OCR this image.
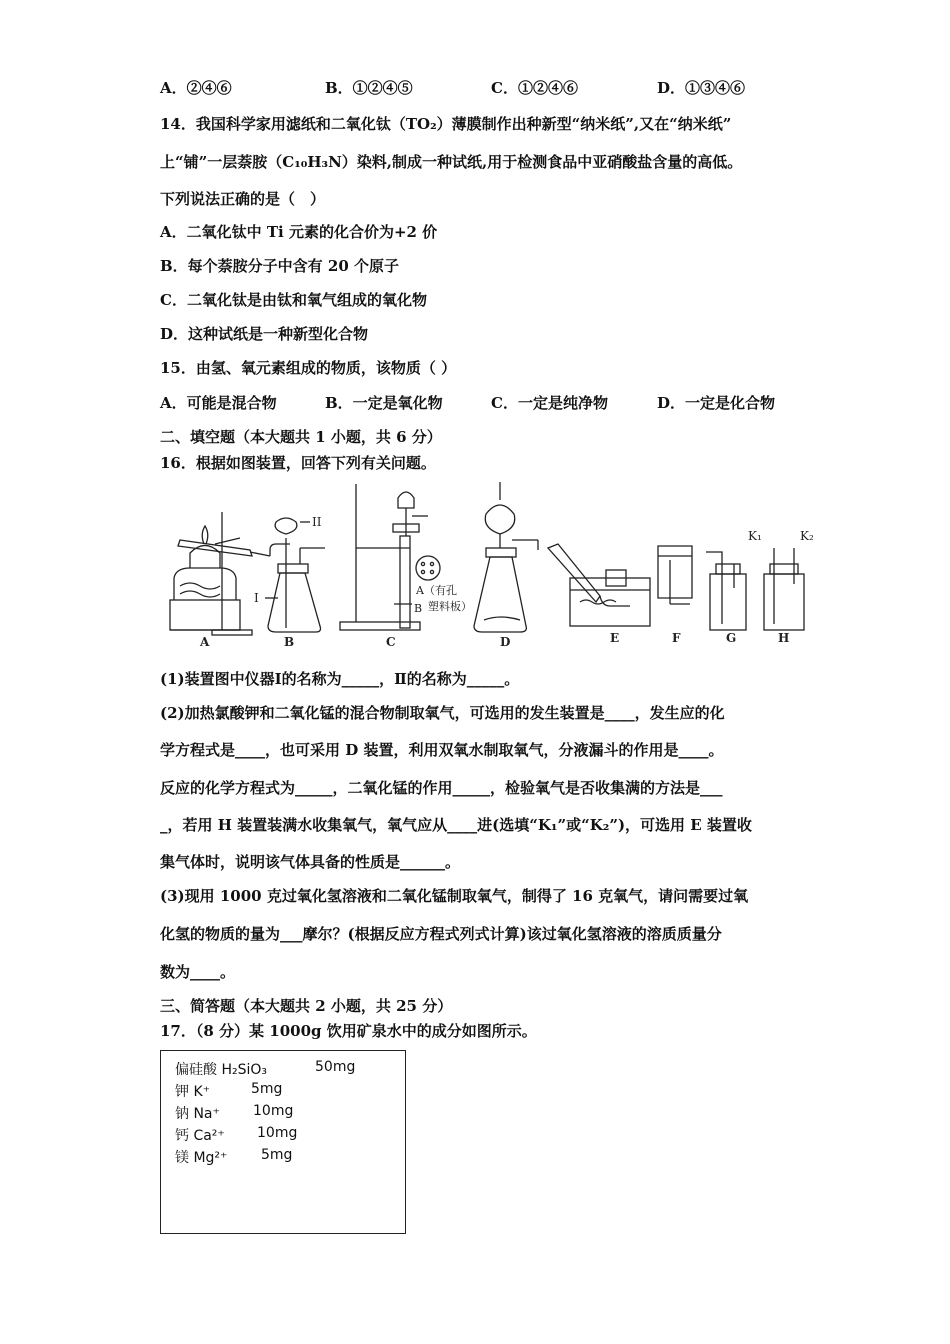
A．②④⑥	B．①②④⑤	C．①②④⑥	D．①③④⑥
14．我国科学家用滤纸和二氧化钛（TO₂）薄膜制作出种新型“纳米纸”,又在“纳米纸”
上“铺”一层萘胺（C₁₀H₃N）染料,制成一种试纸,用于检测食品中亚硝酸盐含量的高低。
下列说法正确的是（　）
A．二氧化钛中 Ti 元素的化合价为+2 价
B．每个萘胺分子中含有 20 个原子
C．二氧化钛是由钛和氧气组成的氧化物
D．这种试纸是一种新型化合物
15．由氢、氧元素组成的物质，该物质（ ）
A．可能是混合物	B．一定是氧化物	C．一定是纯净物	D．一定是化合物
二、填空题（本大题共 1 小题，共 6 分）
16．根据如图装置，回答下列有关问题。
A	B	C	D	E	F	G	H
I
II
K₁	K₂
A（有孔
塑料板）
B
(1)装置图中仪器Ⅰ的名称为_____，Ⅱ的名称为_____。
(2)加热氯酸钾和二氧化锰的混合物制取氧气，可选用的发生装置是____，发生应的化
学方程式是____，也可采用 D 装置，利用双氧水制取氧气，分液漏斗的作用是____。
反应的化学方程式为_____，二氧化锰的作用_____，检验氧气是否收集满的方法是___
_，若用 H 装置装满水收集氧气，氧气应从____进(选填“K₁”或“K₂”)，可选用 E 装置收
集气体时，说明该气体具备的性质是______。
(3)现用 1000 克过氧化氢溶液和二氧化锰制取氧气，制得了 16 克氧气，请问需要过氧
化氢的物质的量为___摩尔？(根据反应方程式列式计算)该过氧化氢溶液的溶质质量分
数为____。
三、简答题（本大题共 2 小题，共 25 分）
17．（8 分）某 1000g 饮用矿泉水中的成分如图所示。
偏硅酸 H₂SiO₃	50mg
钾 K⁺	5mg
钠 Na⁺ 10mg
钙 Ca²⁺ 10mg
镁 Mg²⁺ 5mg
